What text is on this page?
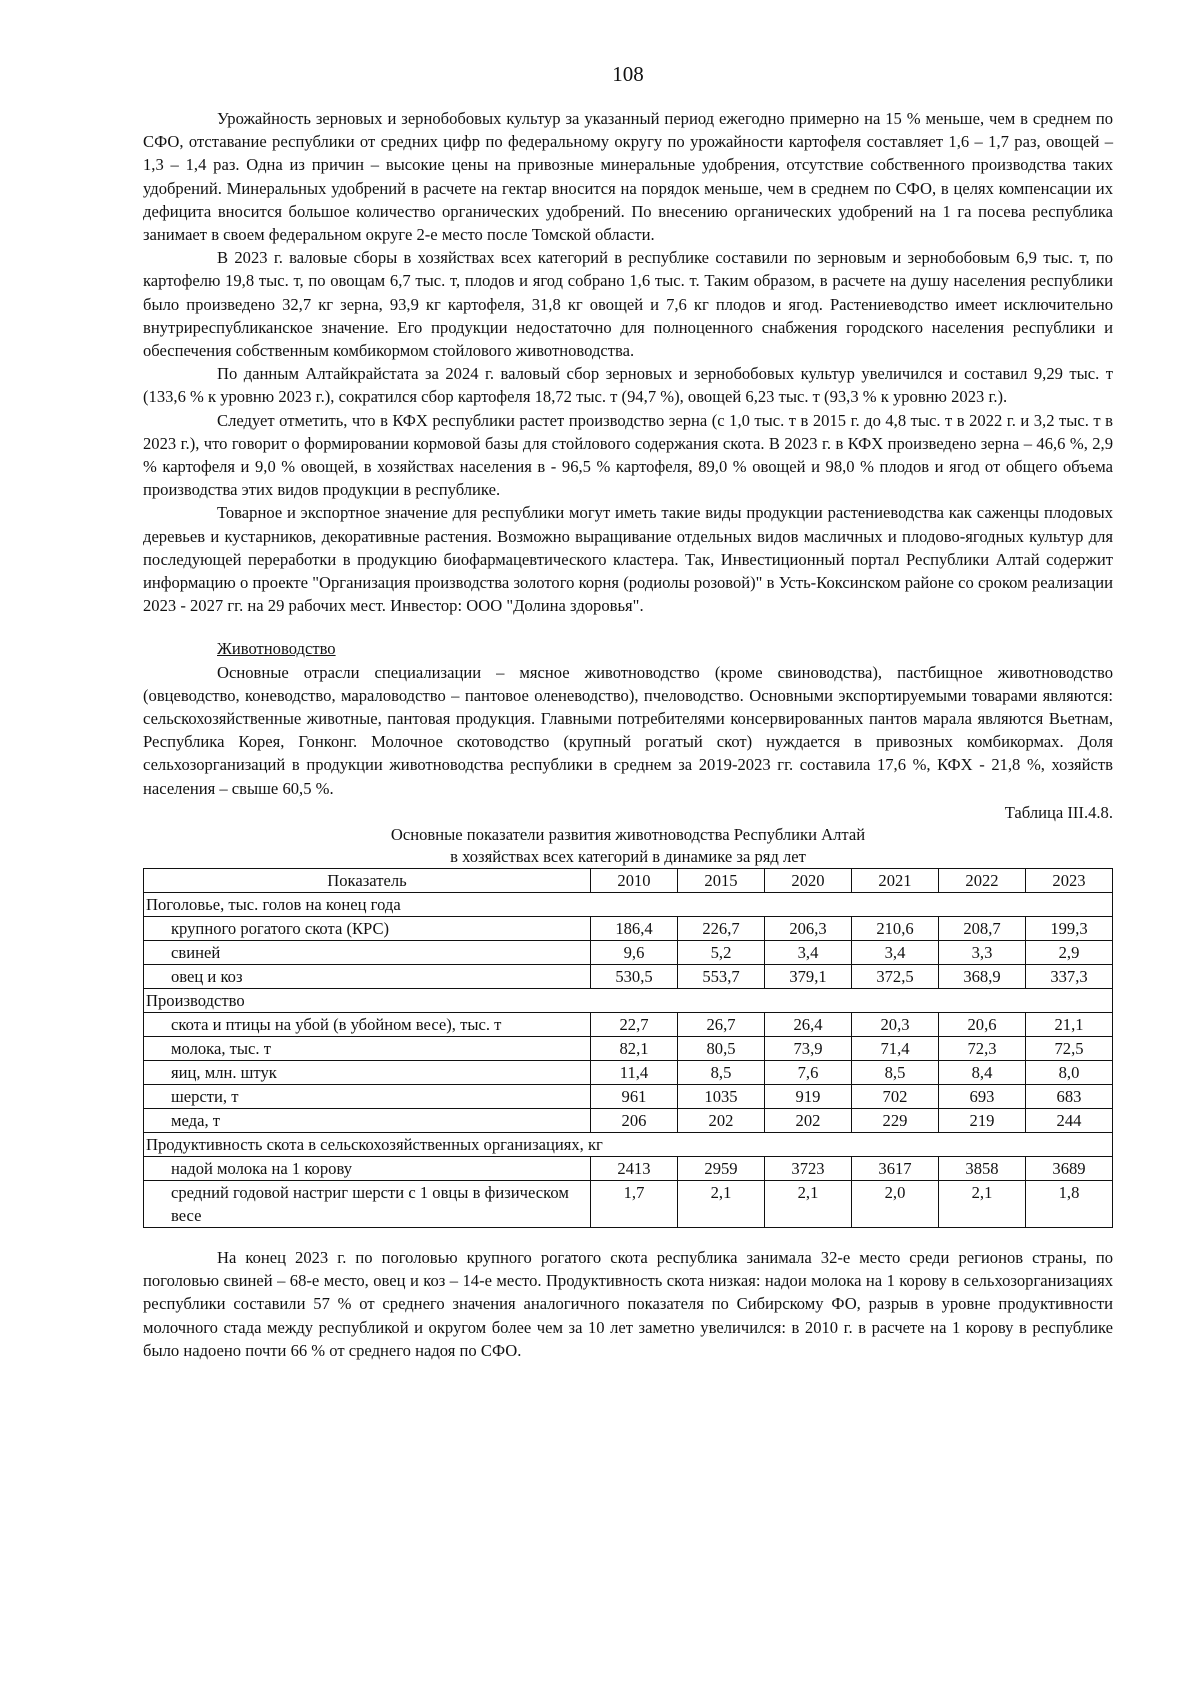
108

Урожайность зерновых и зернобобовых культур за указанный период ежегодно примерно на 15 % меньше, чем в среднем по СФО, отставание республики от средних цифр по федеральному округу по урожайности картофеля составляет 1,6 – 1,7 раз, овощей – 1,3 – 1,4 раз. Одна из причин – высокие цены на привозные минеральные удобрения, отсутствие собственного производства таких удобрений. Минеральных удобрений в расчете на гектар вносится на порядок меньше, чем в среднем по СФО, в целях компенсации их дефицита вносится большое количество органических удобрений. По внесению органических удобрений на 1 га посева республика занимает в своем федеральном округе 2-е место после Томской области.

В 2023 г. валовые сборы в хозяйствах всех категорий в республике составили по зерновым и зернобобовым 6,9 тыс. т, по картофелю 19,8 тыс. т, по овощам 6,7 тыс. т, плодов и ягод собрано 1,6 тыс. т. Таким образом, в расчете на душу населения республики было произведено 32,7 кг зерна, 93,9 кг картофеля, 31,8 кг овощей и 7,6 кг плодов и ягод. Растениеводство имеет исключительно внутриреспубликанское значение. Его продукции недостаточно для полноценного снабжения городского населения республики и обеспечения собственным комбикормом стойлового животноводства.

По данным Алтайкрайстата за 2024 г. валовый сбор зерновых и зернобобовых культур увеличился и составил 9,29 тыс. т (133,6 % к уровню 2023 г.), сократился сбор картофеля 18,72 тыс. т (94,7 %), овощей 6,23 тыс. т (93,3 % к уровню 2023 г.).

Следует отметить, что в КФХ республики растет производство зерна (с 1,0 тыс. т в 2015 г. до 4,8 тыс. т в 2022 г. и 3,2 тыс. т в 2023 г.), что говорит о формировании кормовой базы для стойлового содержания скота. В 2023 г. в КФХ произведено зерна – 46,6 %, 2,9 % картофеля и 9,0 % овощей, в хозяйствах населения в - 96,5 % картофеля, 89,0 % овощей и 98,0 % плодов и ягод от общего объема производства этих видов продукции в республике.

Товарное и экспортное значение для республики могут иметь такие виды продукции растениеводства как саженцы плодовых деревьев и кустарников, декоративные растения. Возможно выращивание отдельных видов масличных и плодово-ягодных культур для последующей переработки в продукцию биофармацевтического кластера. Так, Инвестиционный портал Республики Алтай содержит информацию о проекте "Организация производства золотого корня (родиолы розовой)" в Усть-Коксинском районе со сроком реализации 2023 - 2027 гг. на 29 рабочих мест. Инвестор: ООО "Долина здоровья".

Животноводство

Основные отрасли специализации – мясное животноводство (кроме свиноводства), пастбищное животноводство (овцеводство, коневодство, мараловодство – пантовое оленеводство), пчеловодство. Основными экспортируемыми товарами являются: сельскохозяйственные животные, пантовая продукция. Главными потребителями консервированных пантов марала являются Вьетнам, Республика Корея, Гонконг. Молочное скотоводство (крупный рогатый скот) нуждается в привозных комбикормах. Доля сельхозорганизаций в продукции животноводства республики в среднем за 2019-2023 гг. составила 17,6 %, КФХ - 21,8 %, хозяйств населения – свыше 60,5 %.

Таблица III.4.8.
Основные показатели развития животноводства Республики Алтай
в хозяйствах всех категорий в динамике за ряд лет
Показатель	2010	2015	2020	2021	2022	2023
Поголовье, тыс. голов на конец года						
крупного рогатого скота (КРС)	186,4	226,7	206,3	210,6	208,7	199,3
свиней	9,6	5,2	3,4	3,4	3,3	2,9
овец и коз	530,5	553,7	379,1	372,5	368,9	337,3
Производство						
скота и птицы на убой (в убойном весе), тыс. т	22,7	26,7	26,4	20,3	20,6	21,1
молока, тыс. т	82,1	80,5	73,9	71,4	72,3	72,5
яиц, млн. штук	11,4	8,5	7,6	8,5	8,4	8,0
шерсти, т	961	1035	919	702	693	683
меда, т	206	202	202	229	219	244
Продуктивность скота в сельскохозяйственных организациях, кг						
надой молока на 1 корову	2413	2959	3723	3617	3858	3689
средний годовой настриг шерсти с 1 овцы в физическом весе	1,7	2,1	2,1	2,0	2,1	1,8

На конец 2023 г. по поголовью крупного рогатого скота республика занимала 32-е место среди регионов страны, по поголовью свиней – 68-е место, овец и коз – 14-е место. Продуктивность скота низкая: надои молока на 1 корову в сельхозорганизациях республики составили 57 % от среднего значения аналогичного показателя по Сибирскому ФО, разрыв в уровне продуктивности молочного стада между республикой и округом более чем за 10 лет заметно увеличился: в 2010 г. в расчете на 1 корову в республике было надоено почти 66 % от среднего надоя по СФО.
